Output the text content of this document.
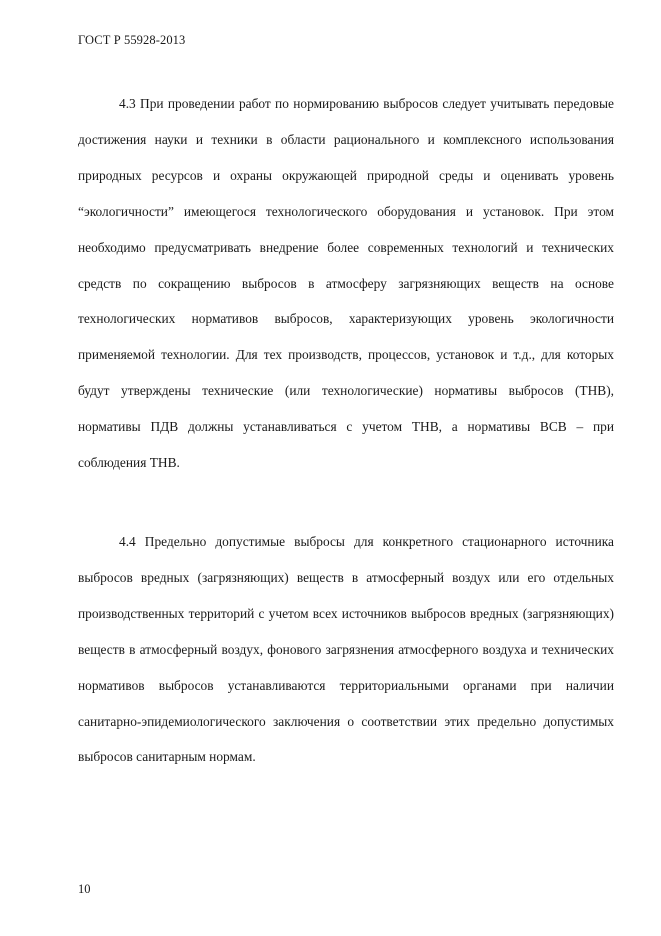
ГОСТ Р 55928-2013

4.3 При проведении работ по нормированию выбросов следует учитывать передовые достижения науки и техники в области рационального и комплексного использования природных ресурсов и охраны окружающей природной среды и оценивать уровень “экологичности” имеющегося технологического оборудования и установок. При этом необходимо предусматривать внедрение более современных технологий и технических средств по сокращению выбросов в атмосферу загрязняющих веществ на основе технологических нормативов выбросов, характеризующих уровень экологичности применяемой технологии. Для тех производств, процессов, установок и т.д., для которых будут утверждены технические (или технологические) нормативы выбросов (ТНВ), нормативы ПДВ должны устанавливаться с учетом ТНВ, а нормативы ВСВ – при соблюдения ТНВ.

4.4 Предельно допустимые выбросы для конкретного стационарного источника выбросов вредных (загрязняющих) веществ в атмосферный воздух или его отдельных производственных территорий с учетом всех источников выбросов вредных (загрязняющих) веществ в атмосферный воздух, фонового загрязнения атмосферного воздуха и технических нормативов выбросов устанавливаются территориальными органами при наличии санитарно-эпидемиологического заключения о соответствии этих предельно допустимых выбросов санитарным нормам.

10
